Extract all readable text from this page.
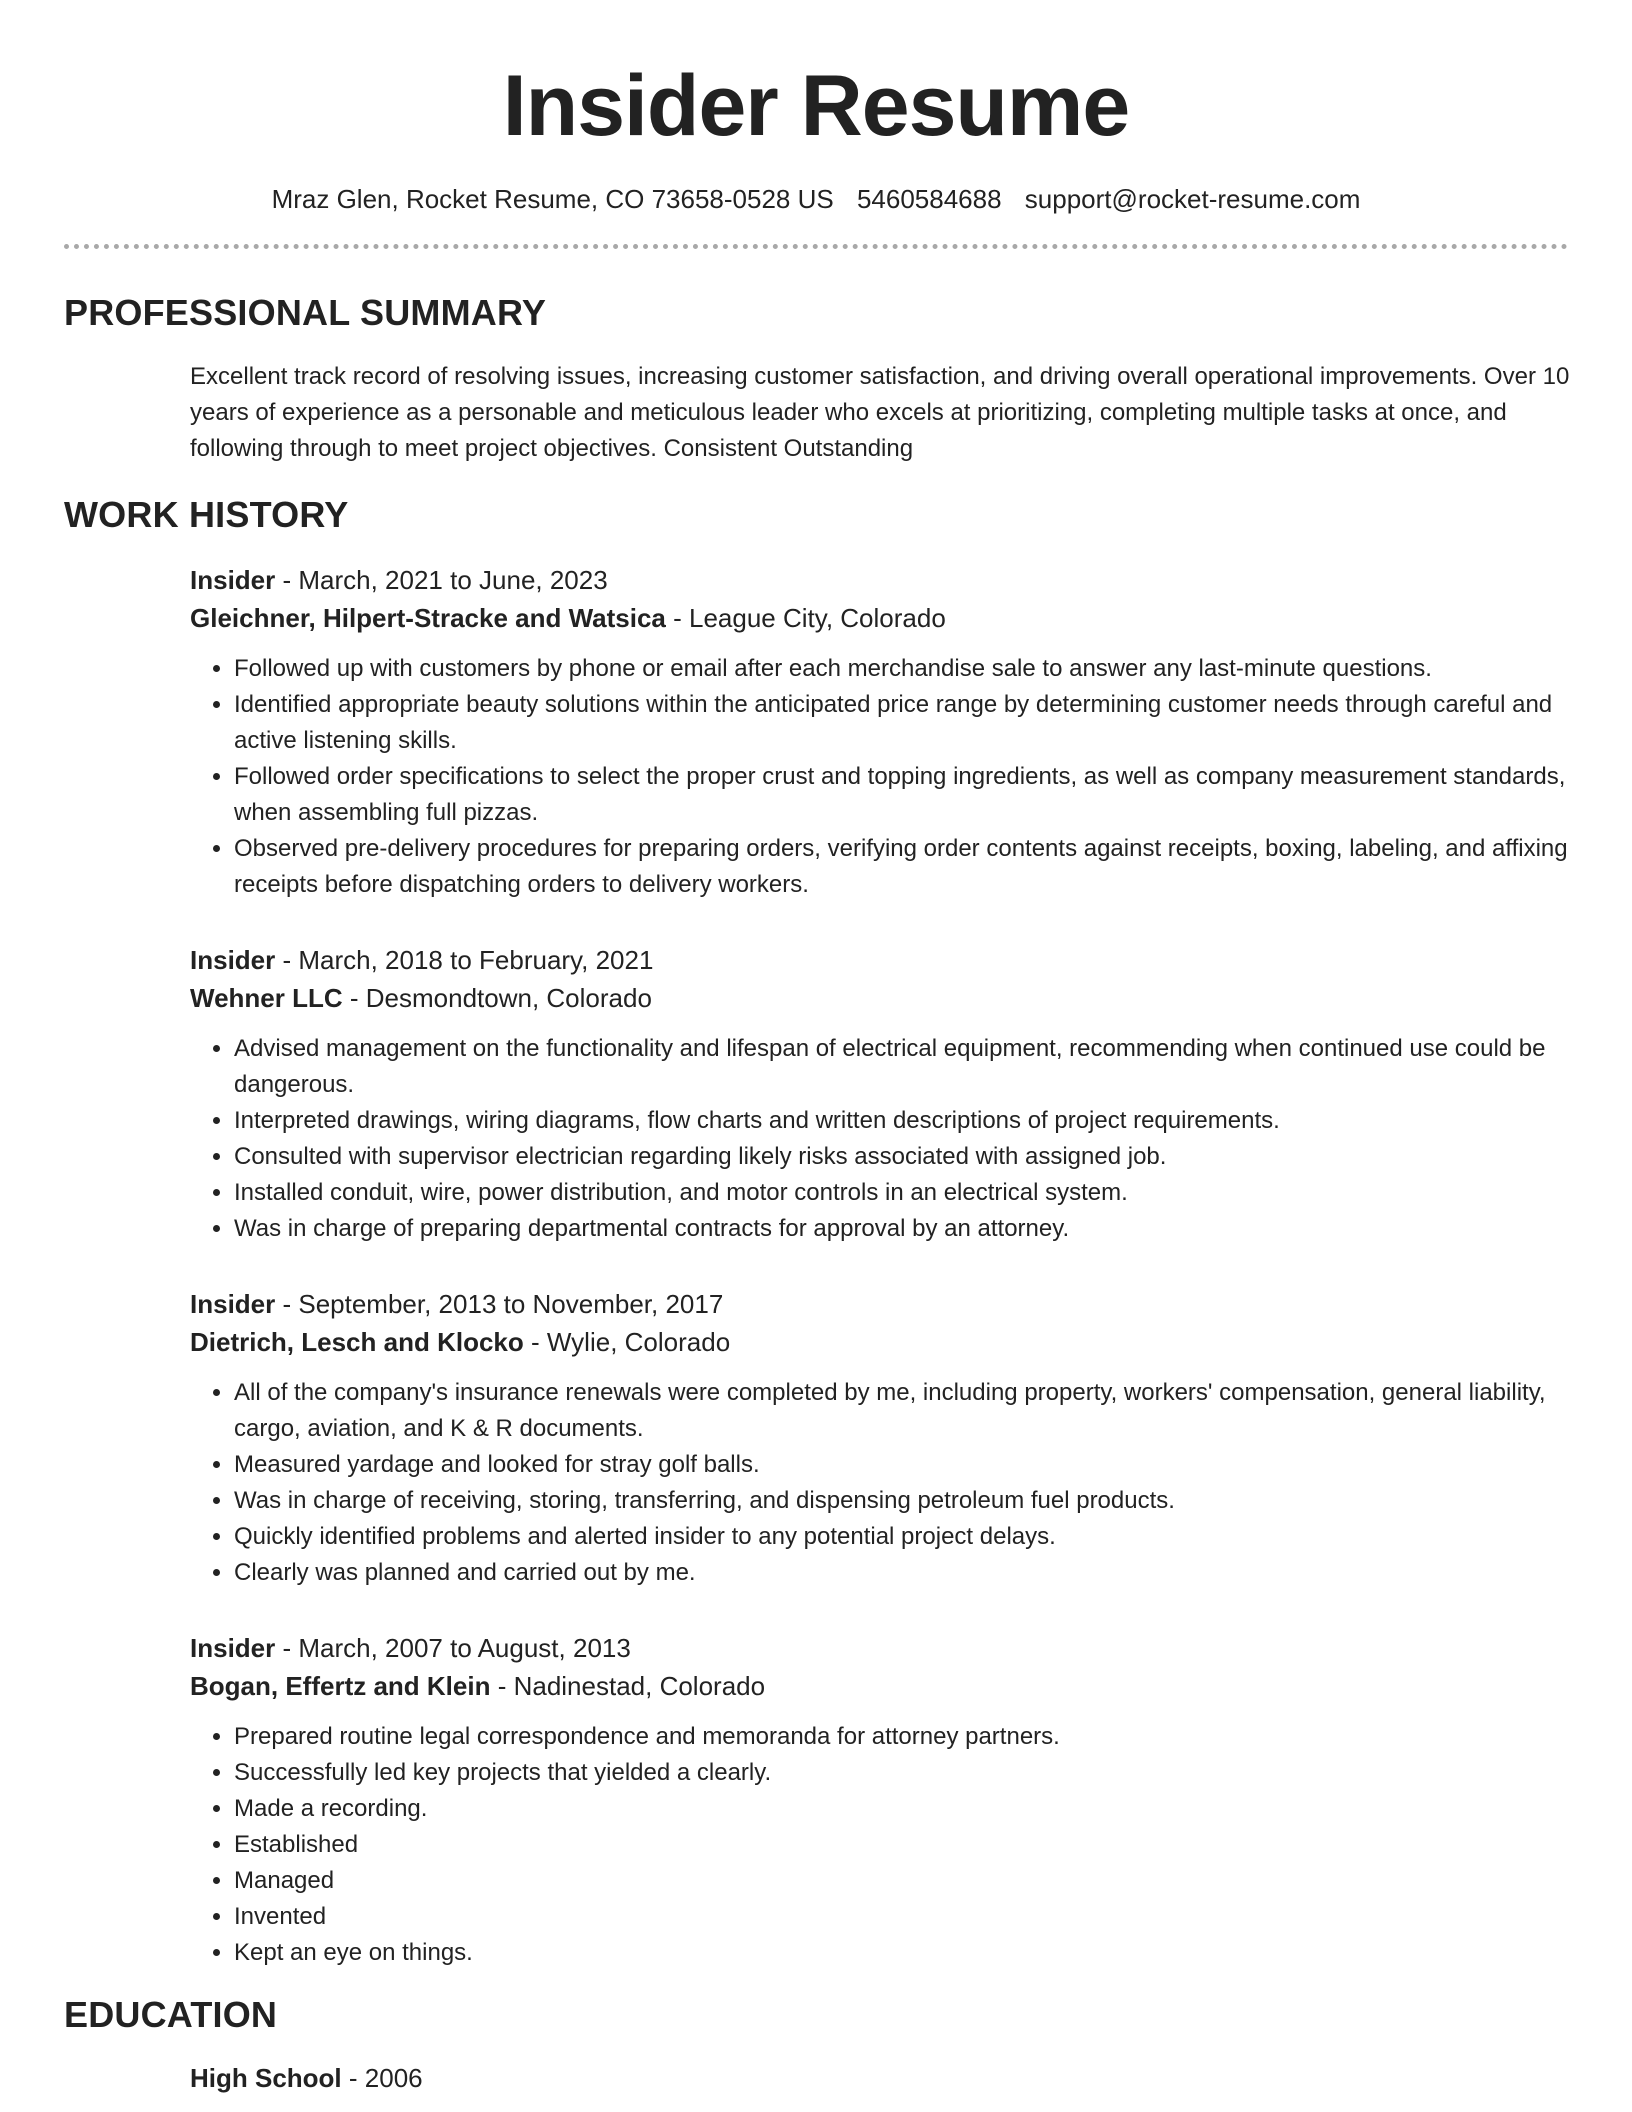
Insider Resume
Mraz Glen, Rocket Resume, CO 73658-0528 US 5460584688 support@rocket-resume.com
PROFESSIONAL SUMMARY
Excellent track record of resolving issues, increasing customer satisfaction, and driving overall operational improvements. Over 10 years of experience as a personable and meticulous leader who excels at prioritizing, completing multiple tasks at once, and following through to meet project objectives. Consistent Outstanding
WORK HISTORY
Insider - March, 2021 to June, 2023
Gleichner, Hilpert-Stracke and Watsica - League City, Colorado
• Followed up with customers by phone or email after each merchandise sale to answer any last-minute questions.
• Identified appropriate beauty solutions within the anticipated price range by determining customer needs through careful and active listening skills.
• Followed order specifications to select the proper crust and topping ingredients, as well as company measurement standards, when assembling full pizzas.
• Observed pre-delivery procedures for preparing orders, verifying order contents against receipts, boxing, labeling, and affixing receipts before dispatching orders to delivery workers.
Insider - March, 2018 to February, 2021
Wehner LLC - Desmondtown, Colorado
• Advised management on the functionality and lifespan of electrical equipment, recommending when continued use could be dangerous.
• Interpreted drawings, wiring diagrams, flow charts and written descriptions of project requirements.
• Consulted with supervisor electrician regarding likely risks associated with assigned job.
• Installed conduit, wire, power distribution, and motor controls in an electrical system.
• Was in charge of preparing departmental contracts for approval by an attorney.
Insider - September, 2013 to November, 2017
Dietrich, Lesch and Klocko - Wylie, Colorado
• All of the company's insurance renewals were completed by me, including property, workers' compensation, general liability, cargo, aviation, and K & R documents.
• Measured yardage and looked for stray golf balls.
• Was in charge of receiving, storing, transferring, and dispensing petroleum fuel products.
• Quickly identified problems and alerted insider to any potential project delays.
• Clearly was planned and carried out by me.
Insider - March, 2007 to August, 2013
Bogan, Effertz and Klein - Nadinestad, Colorado
• Prepared routine legal correspondence and memoranda for attorney partners.
• Successfully led key projects that yielded a clearly.
• Made a recording.
• Established
• Managed
• Invented
• Kept an eye on things.
EDUCATION
High School - 2006
